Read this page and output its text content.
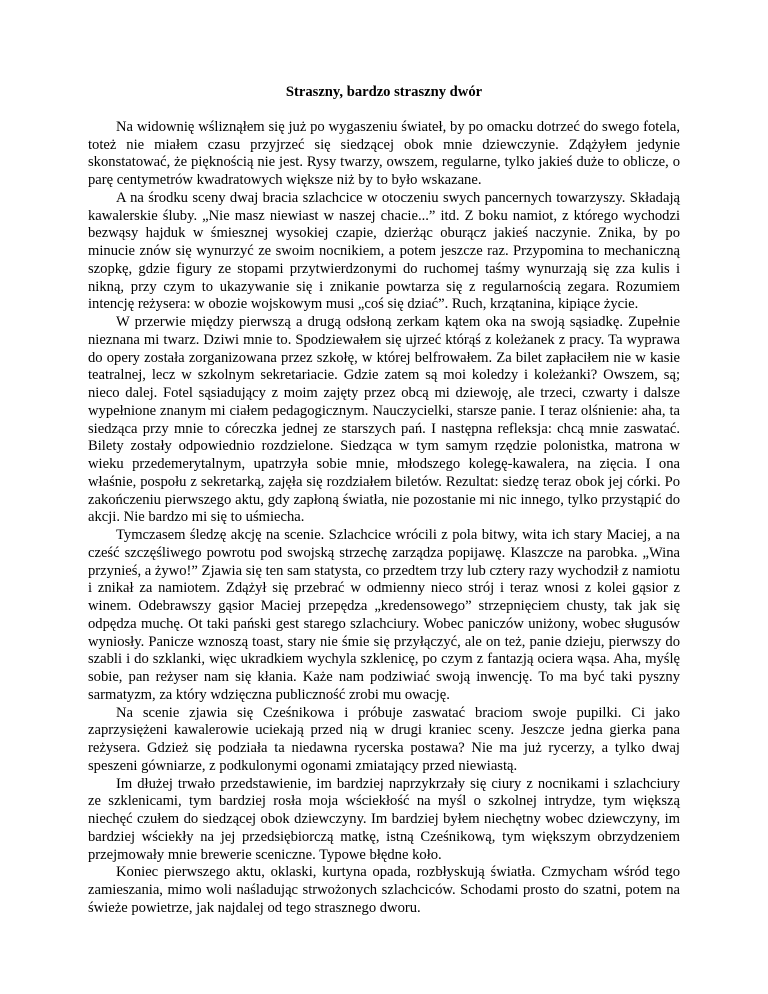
Straszny, bardzo straszny dwór

Na widownię wśliznąłem się już po wygaszeniu świateł, by po omacku dotrzeć do swego fotela, toteż nie miałem czasu przyjrzeć się siedzącej obok mnie dziewczynie. Zdążyłem jedynie skonstatować, że pięknością nie jest. Rysy twarzy, owszem, regularne, tylko jakieś duże to oblicze, o parę centymetrów kwadratowych większe niż by to było wskazane.

A na środku sceny dwaj bracia szlachcice w otoczeniu swych pancernych towarzyszy. Składają kawalerskie śluby. „Nie masz niewiast w naszej chacie...” itd. Z boku namiot, z którego wychodzi bezwąsy hajduk w śmiesznej wysokiej czapie, dzierżąc oburącz jakieś naczynie. Znika, by po minucie znów się wynurzyć ze swoim nocnikiem, a potem jeszcze raz. Przypomina to mechaniczną szopkę, gdzie figury ze stopami przytwierdzonymi do ruchomej taśmy wynurzają się zza kulis i nikną, przy czym to ukazywanie się i znikanie powtarza się z regularnością zegara. Rozumiem intencję reżysera: w obozie wojskowym musi „coś się dziać”. Ruch, krzątanina, kipiące życie.

W przerwie między pierwszą a drugą odsłoną zerkam kątem oka na swoją sąsiadkę. Zupełnie nieznana mi twarz. Dziwi mnie to. Spodziewałem się ujrzeć którąś z koleżanek z pracy. Ta wyprawa do opery została zorganizowana przez szkołę, w której belfrowałem. Za bilet zapłaciłem nie w kasie teatralnej, lecz w szkolnym sekretariacie. Gdzie zatem są moi koledzy i koleżanki? Owszem, są; nieco dalej. Fotel sąsiadujący z moim zajęty przez obcą mi dziewoję, ale trzeci, czwarty i dalsze wypełnione znanym mi ciałem pedagogicznym. Nauczycielki, starsze panie. I teraz olśnienie: aha, ta siedząca przy mnie to córeczka jednej ze starszych pań. I następna refleksja: chcą mnie zaswatać. Bilety zostały odpowiednio rozdzielone. Siedząca w tym samym rzędzie polonistka, matrona w wieku przedemerytalnym, upatrzyła sobie mnie, młodszego kolegę-kawalera, na zięcia. I ona właśnie, pospołu z sekretarką, zajęła się rozdziałem biletów. Rezultat: siedzę teraz obok jej córki. Po zakończeniu pierwszego aktu, gdy zapłoną światła, nie pozostanie mi nic innego, tylko przystąpić do akcji. Nie bardzo mi się to uśmiecha.

Tymczasem śledzę akcję na scenie. Szlachcice wrócili z pola bitwy, wita ich stary Maciej, a na cześć szczęśliwego powrotu pod swojską strzechę zarządza popijawę. Klaszcze na parobka. „Wina przynieś, a żywo!” Zjawia się ten sam statysta, co przedtem trzy lub cztery razy wychodził z namiotu i znikał za namiotem. Zdążył się przebrać w odmienny nieco strój i teraz wnosi z kolei gąsior z winem. Odebrawszy gąsior Maciej przepędza „kredensowego” strzepnięciem chusty, tak jak się odpędza muchę. Ot taki pański gest starego szlachciury. Wobec paniczów uniżony, wobec sługusów wyniosły. Panicze wznoszą toast, stary nie śmie się przyłączyć, ale on też, panie dzieju, pierwszy do szabli i do szklanki, więc ukradkiem wychyla szklenicę, po czym z fantazją ociera wąsa. Aha, myślę sobie, pan reżyser nam się kłania. Każe nam podziwiać swoją inwencję. To ma być taki pyszny sarmatyzm, za który wdzięczna publiczność zrobi mu owację.

Na scenie zjawia się Cześnikowa i próbuje zaswatać braciom swoje pupilki. Ci jako zaprzysiężeni kawalerowie uciekają przed nią w drugi kraniec sceny. Jeszcze jedna gierka pana reżysera. Gdzież się podziała ta niedawna rycerska postawa? Nie ma już rycerzy, a tylko dwaj speszeni gówniarze, z podkulonymi ogonami zmiatający przed niewiastą.

Im dłużej trwało przedstawienie, im bardziej naprzykrzały się ciury z nocnikami i szlachciury ze szklenicami, tym bardziej rosła moja wściekłość na myśl o szkolnej intrydze, tym większą niechęć czułem do siedzącej obok dziewczyny. Im bardziej byłem niechętny wobec dziewczyny, im bardziej wściekły na jej przedsiębiorczą matkę, istną Cześnikową, tym większym obrzydzeniem przejmowały mnie brewerie sceniczne. Typowe błędne koło.

Koniec pierwszego aktu, oklaski, kurtyna opada, rozbłyskują światła. Czmycham wśród tego zamieszania, mimo woli naśladując strwożonych szlachciców. Schodami prosto do szatni, potem na świeże powietrze, jak najdalej od tego strasznego dworu.
